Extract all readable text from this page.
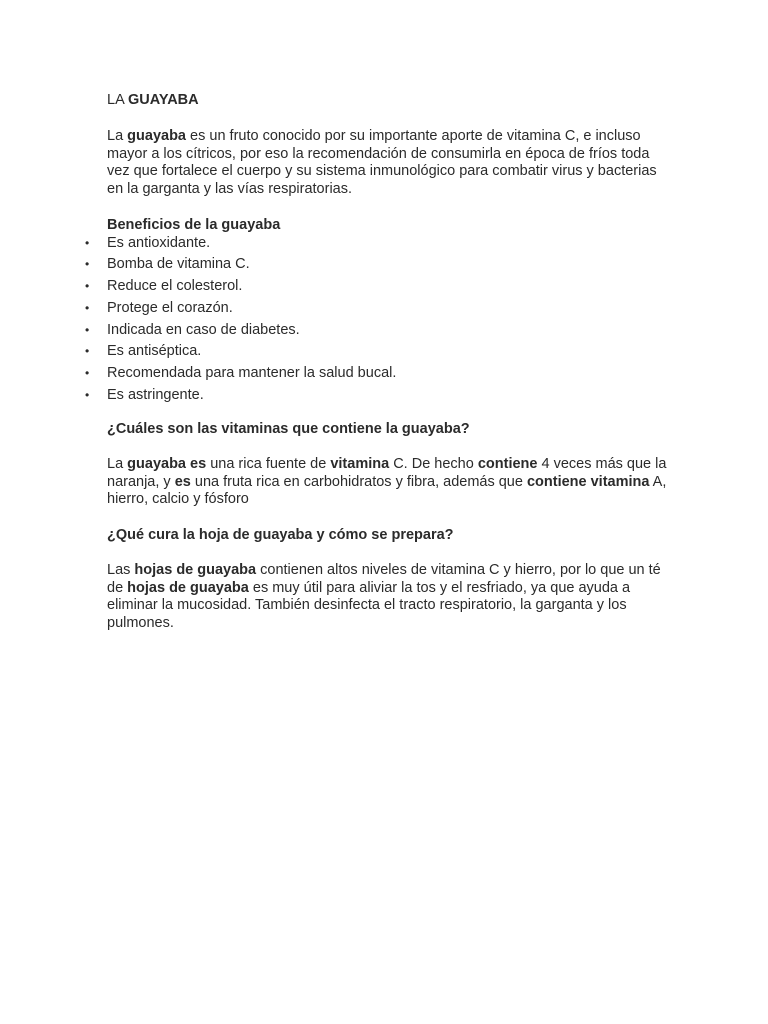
LA GUAYABA

La guayaba es un fruto conocido por su importante aporte de vitamina C, e incluso mayor a los cítricos, por eso la recomendación de consumirla en época de fríos toda vez que fortalece el cuerpo y su sistema inmunológico para combatir virus y bacterias en la garganta y las vías respiratorias.

Beneficios de la guayaba

• Es antioxidante.
• Bomba de vitamina C.
• Reduce el colesterol.
• Protege el corazón.
• Indicada en caso de diabetes.
• Es antiséptica.
• Recomendada para mantener la salud bucal.
• Es astringente.

¿Cuáles son las vitaminas que contiene la guayaba?

La guayaba es una rica fuente de vitamina C. De hecho contiene 4 veces más que la naranja, y es una fruta rica en carbohidratos y fibra, además que contiene vitamina A, hierro, calcio y fósforo

¿Qué cura la hoja de guayaba y cómo se prepara?

Las hojas de guayaba contienen altos niveles de vitamina C y hierro, por lo que un té de hojas de guayaba es muy útil para aliviar la tos y el resfriado, ya que ayuda a eliminar la mucosidad. También desinfecta el tracto respiratorio, la garganta y los pulmones.
